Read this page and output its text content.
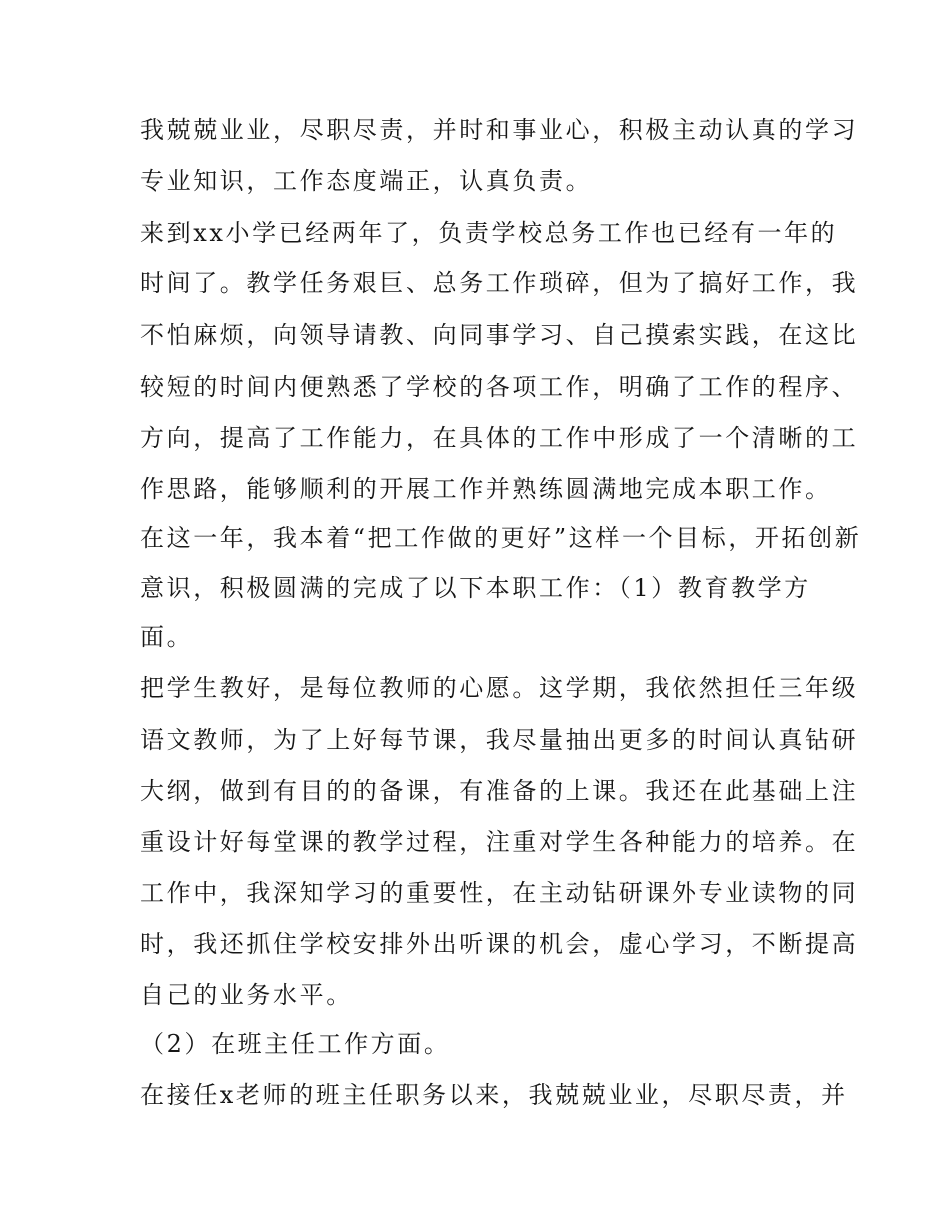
我兢兢业业，尽职尽责，并时和事业心，积极主动认真的学习
专业知识，工作态度端正，认真负责。
来到xx小学已经两年了，负责学校总务工作也已经有一年的
时间了。教学任务艰巨、总务工作琐碎，但为了搞好工作，我
不怕麻烦，向领导请教、向同事学习、自己摸索实践，在这比
较短的时间内便熟悉了学校的各项工作，明确了工作的程序、
方向，提高了工作能力，在具体的工作中形成了一个清晰的工
作思路，能够顺利的开展工作并熟练圆满地完成本职工作。
在这一年，我本着“把工作做的更好”这样一个目标，开拓创新
意识，积极圆满的完成了以下本职工作：（1）教育教学方
面。
把学生教好，是每位教师的心愿。这学期，我依然担任三年级
语文教师，为了上好每节课，我尽量抽出更多的时间认真钻研
大纲，做到有目的的备课，有准备的上课。我还在此基础上注
重设计好每堂课的教学过程，注重对学生各种能力的培养。在
工作中，我深知学习的重要性，在主动钻研课外专业读物的同
时，我还抓住学校安排外出听课的机会，虚心学习，不断提高
自己的业务水平。
（2）在班主任工作方面。
在接任x老师的班主任职务以来，我兢兢业业，尽职尽责，并
